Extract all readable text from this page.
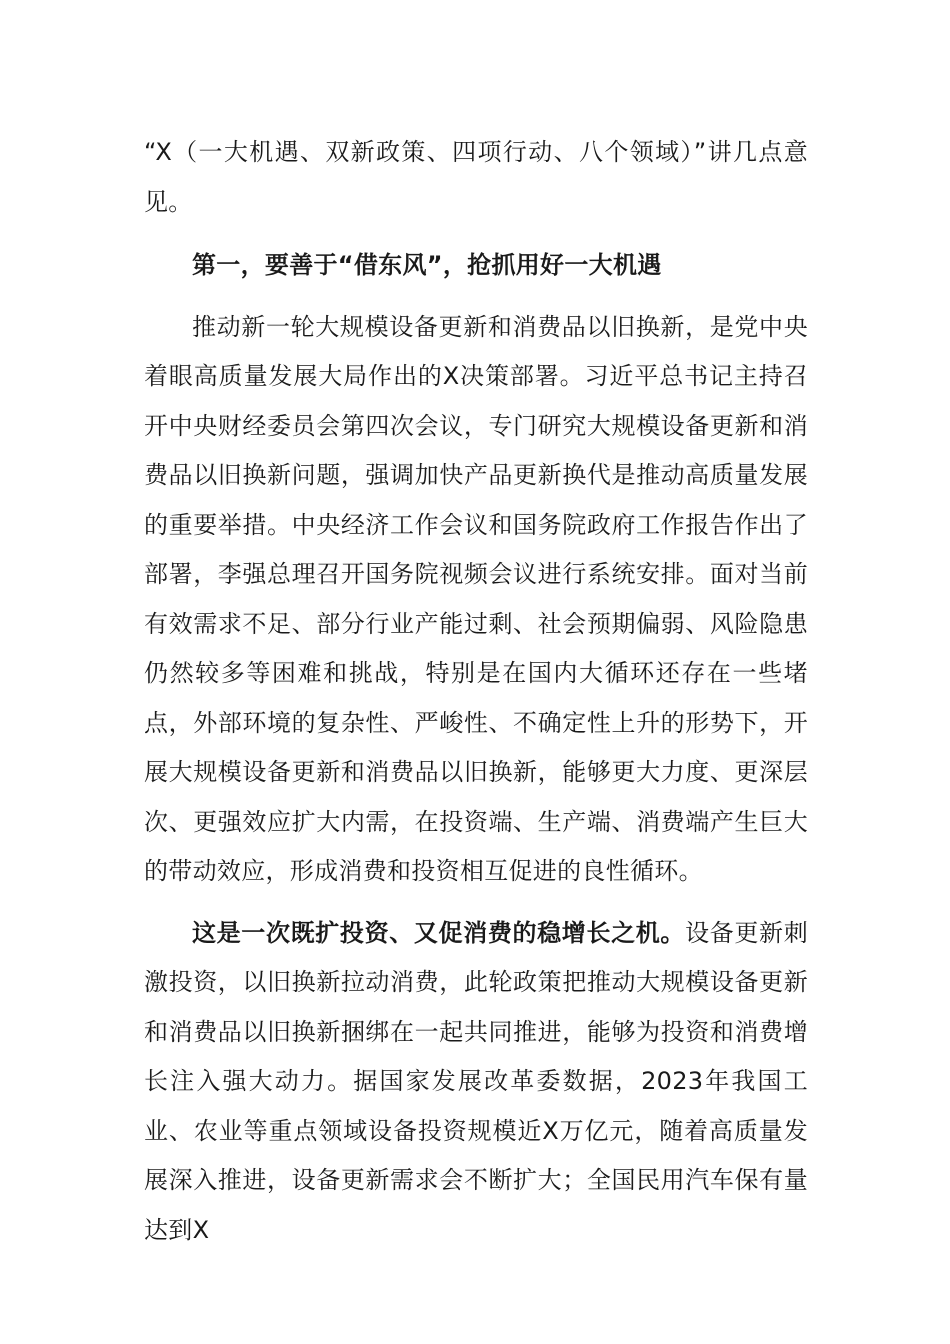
“X（一大机遇、双新政策、四项行动、八个领域）”讲几点意见。

第一，要善于“借东风”，抢抓用好一大机遇

推动新一轮大规模设备更新和消费品以旧换新，是党中央着眼高质量发展大局作出的X决策部署。习近平总书记主持召开中央财经委员会第四次会议，专门研究大规模设备更新和消费品以旧换新问题，强调加快产品更新换代是推动高质量发展的重要举措。中央经济工作会议和国务院政府工作报告作出了部署，李强总理召开国务院视频会议进行系统安排。面对当前有效需求不足、部分行业产能过剩、社会预期偏弱、风险隐患仍然较多等困难和挑战，特别是在国内大循环还存在一些堵点，外部环境的复杂性、严峻性、不确定性上升的形势下，开展大规模设备更新和消费品以旧换新，能够更大力度、更深层次、更强效应扩大内需，在投资端、生产端、消费端产生巨大的带动效应，形成消费和投资相互促进的良性循环。

这是一次既扩投资、又促消费的稳增长之机。设备更新刺激投资，以旧换新拉动消费，此轮政策把推动大规模设备更新和消费品以旧换新捆绑在一起共同推进，能够为投资和消费增长注入强大动力。据国家发展改革委数据，2023年我国工业、农业等重点领域设备投资规模近X万亿元，随着高质量发展深入推进，设备更新需求会不断扩大；全国民用汽车保有量达到X
